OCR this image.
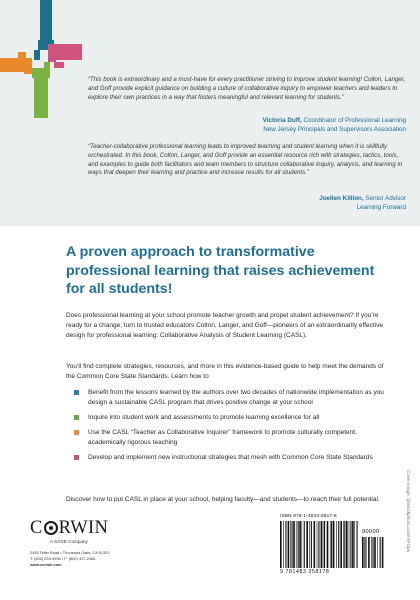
“This book is extraordinary and a must-have for every practitioner striving to improve student learning! Colton, Langer, and Goff provide explicit guidance on building a culture of collaborative inquiry to empower teachers and leaders to explore their own practices in a way that fosters meaningful and relevant learning for students.”

Victoria Duff, Coordinator of Professional Learning
New Jersey Principals and Supervisors Association

“Teacher-collaborative professional learning leads to improved teaching and student learning when it is skillfully orchestrated. In this book, Colton, Langer, and Goff provide an essential resource rich with strategies, tactics, tools, and examples to guide both facilitators and team members to structure collaborative inquiry, analysis, and learning in ways that deepen their learning and practice and increase results for all students.”

Joellen Killion, Senior Advisor
Learning Forward
A proven approach to transformative professional learning that raises achievement for all students!

Does professional learning at your school promote teacher growth and propel student achievement? If you’re ready for a change, turn to trusted educators Colton, Langer, and Goff—pioneers of an extraordinarily effective design for professional learning: Collaborative Analysis of Student Learning (CASL).

You’ll find complete strategies, resources, and more in this evidence-based guide to help meet the demands of the Common Core State Standards. Learn how to

Benefit from the lessons learned by the authors over two decades of nationwide implementation as you design a sustainable CASL program that drives positive change at your school
Inquire into student work and assessments to promote learning excellence for all
Use the CASL “Teacher as Collaborative Inquirer” framework to promote culturally competent, academically rigorous teaching
Develop and implement new instructional strategies that mesh with Common Core State Standards

Discover how to put CASL in place at your school, helping faculty—and students—to reach their full potential.	Cover image: @istockphoto.com/rAFOps
C RWIN
A SAGE Company
2455 Teller Road • Thousand Oaks, CA 91320
T: (800) 233-9936 • F: (800) 417-2466
www.corwin.com
ISBN 978-1-4833-5817-8
90000
9 781483 358178
